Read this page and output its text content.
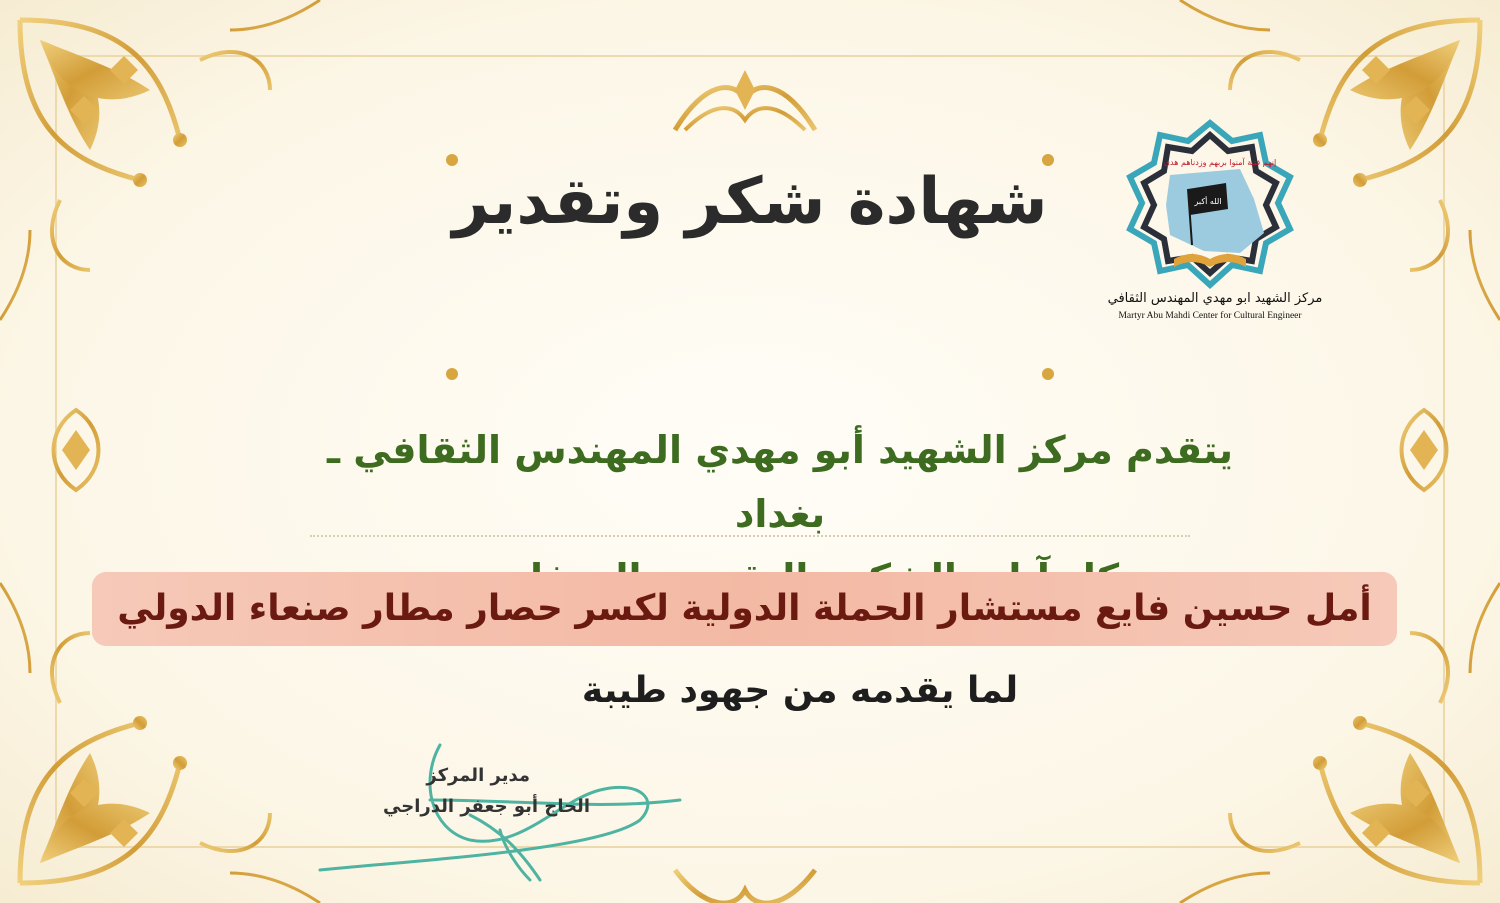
إنهم فتية آمنوا بربهم وزدناهم هدى
الله أكبر
مركز الشهيد ابو مهدي المهندس الثقافي
Martyr Abu Mahdi Center for Cultural Engineer
شهادة شكر وتقدير
يتقدم مركز الشهيد أبو مهدي المهندس الثقافي ـ بغداد
أمل حسين فايع مستشار الحملة الدولية لكسر حصار مطار صنعاء الدولي
لما يقدمه من جهود طيبة
مدير المركز
الحاج أبو جعفر الدراجي
